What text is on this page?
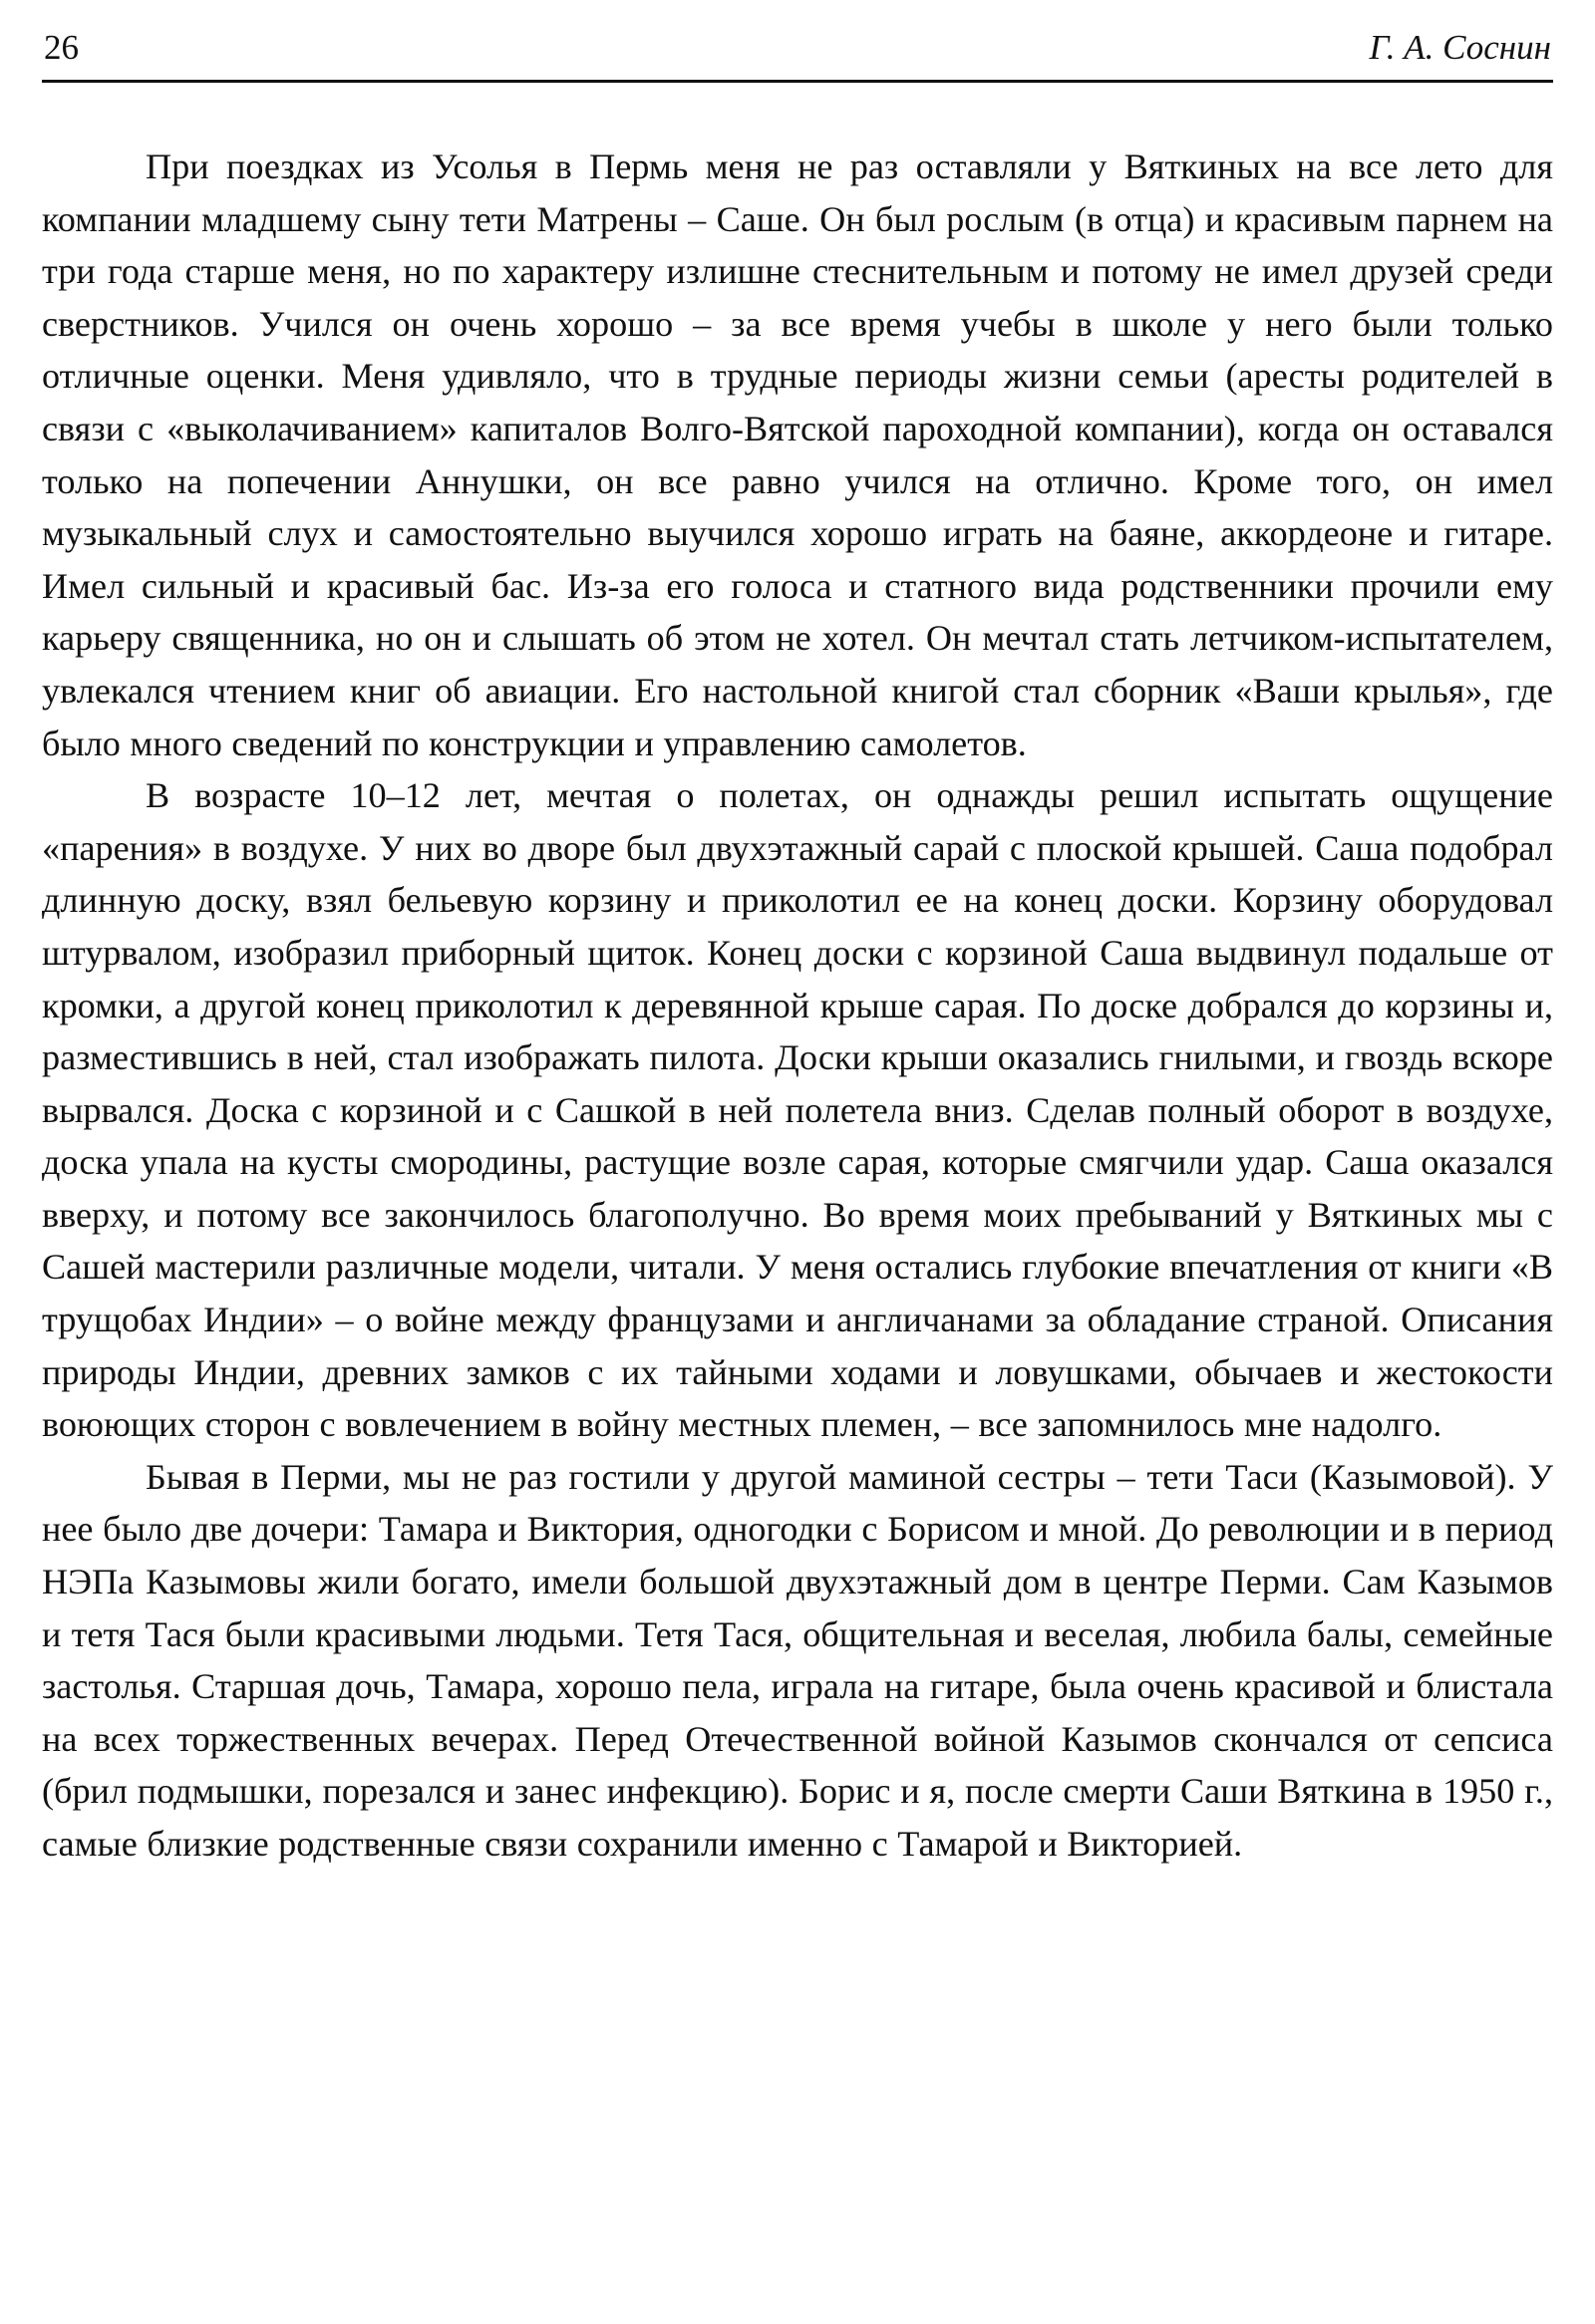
26	Г. А. Соснин

При поездках из Усолья в Пермь меня не раз оставляли у Вяткиных на все лето для компании младшему сыну тети Матрены – Саше. Он был рослым (в отца) и красивым парнем на три года старше меня, но по характеру излишне стеснительным и потому не имел друзей среди сверстников. Учился он очень хорошо – за все время учебы в школе у него были только отличные оценки. Меня удивляло, что в трудные периоды жизни семьи (аресты родителей в связи с «выколачиванием» капиталов Волго-Вятской пароходной компании), когда он оставался только на попечении Аннушки, он все равно учился на отлично. Кроме того, он имел музыкальный слух и самостоятельно выучился хорошо играть на баяне, аккордеоне и гитаре. Имел сильный и красивый бас. Из-за его голоса и статного вида родственники прочили ему карьеру священника, но он и слышать об этом не хотел. Он мечтал стать летчиком-испытателем, увлекался чтением книг об авиации. Его настольной книгой стал сборник «Ваши крылья», где было много сведений по конструкции и управлению самолетов.

В возрасте 10–12 лет, мечтая о полетах, он однажды решил испытать ощущение «парения» в воздухе. У них во дворе был двухэтажный сарай с плоской крышей. Саша подобрал длинную доску, взял бельевую корзину и приколотил ее на конец доски. Корзину оборудовал штурвалом, изобразил приборный щиток. Конец доски с корзиной Саша выдвинул подальше от кромки, а другой конец приколотил к деревянной крыше сарая. По доске добрался до корзины и, разместившись в ней, стал изображать пилота. Доски крыши оказались гнилыми, и гвоздь вскоре вырвался. Доска с корзиной и с Сашкой в ней полетела вниз. Сделав полный оборот в воздухе, доска упала на кусты смородины, растущие возле сарая, которые смягчили удар. Саша оказался вверху, и потому все закончилось благополучно. Во время моих пребываний у Вяткиных мы с Сашей мастерили различные модели, читали. У меня остались глубокие впечатления от книги «В трущобах Индии» – о войне между французами и англичанами за обладание страной. Описания природы Индии, древних замков с их тайными ходами и ловушками, обычаев и жестокости воюющих сторон с вовлечением в войну местных племен, – все запомнилось мне надолго.

Бывая в Перми, мы не раз гостили у другой маминой сестры – тети Таси (Казымовой). У нее было две дочери: Тамара и Виктория, одногодки с Борисом и мной. До революции и в период НЭПа Казымовы жили богато, имели большой двухэтажный дом в центре Перми. Сам Казымов и тетя Тася были красивыми людьми. Тетя Тася, общительная и веселая, любила балы, семейные застолья. Старшая дочь, Тамара, хорошо пела, играла на гитаре, была очень красивой и блистала на всех торжественных вечерах. Перед Отечественной войной Казымов скончался от сепсиса (брил подмышки, порезался и занес инфекцию). Борис и я, после смерти Саши Вяткина в 1950 г., самые близкие родственные связи сохранили именно с Тамарой и Викторией.
